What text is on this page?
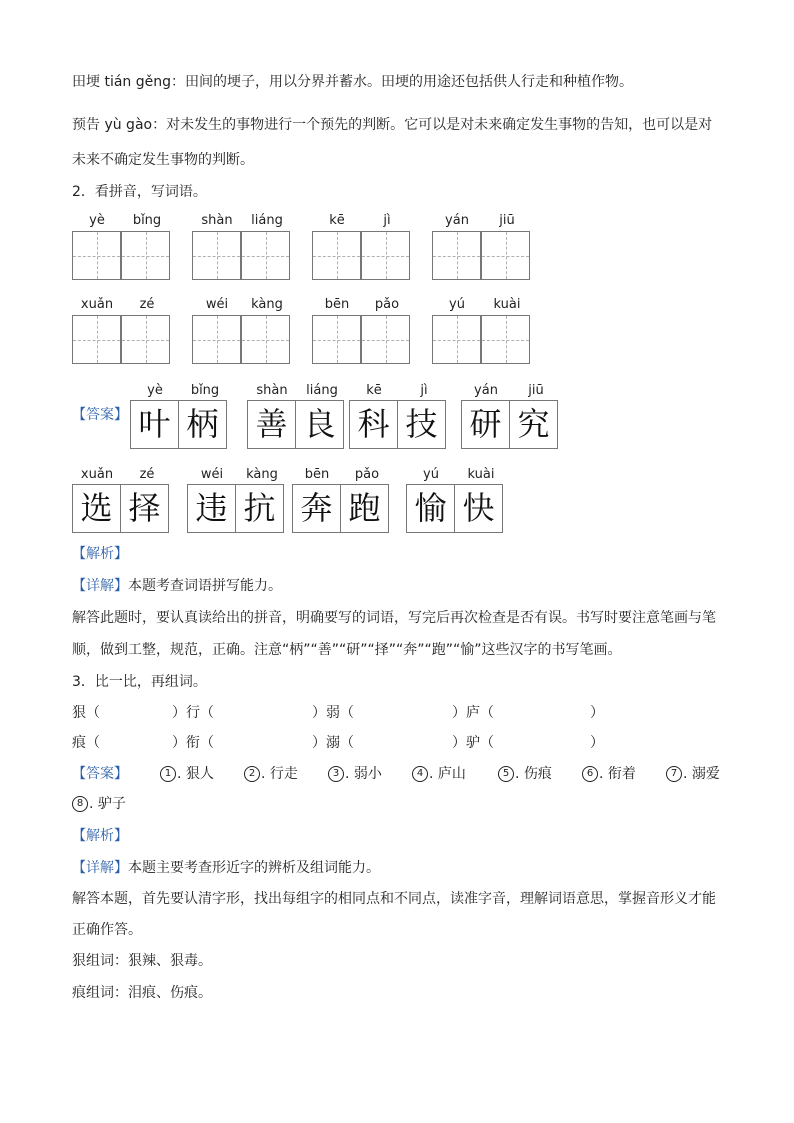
田埂 tián gěng：田间的埂子，用以分界并蓄水。田埂的用途还包括供人行走和种植作物。
预告 yù gào：对未发生的事物进行一个预先的判断。它可以是对未来确定发生事物的告知，也可以是对
未来不确定发生事物的判断。
2．看拼音，写词语。
yè	bǐng	shàn	liáng	kē	jì	yán	jiū
xuǎn	zé	wéi	kàng	bēn	pǎo	yú	kuài
【答案】
yè	bǐng
叶 柄
shàn	liáng
善 良
kē	jì
科 技
yán	jiū
研 究
xuǎn	zé
选 择
wéi	kàng
违 抗
bēn	pǎo
奔 跑
yú	kuài
愉 快
【解析】
【详解】本题考查词语拼写能力。
解答此题时，要认真读给出的拼音，明确要写的词语，写完后再次检查是否有误。书写时要注意笔画与笔
顺，做到工整，规范，正确。注意“柄”“善”“研”“择”“奔”“跑”“愉”这些汉字的书写笔画。
3．比一比，再组词。
狠（	）行（	）弱（	）庐（	）
痕（	）衔（	）溺（	）驴（	）
【答案】	1 . 狠人	2 . 行走	3 . 弱小	4 . 庐山	5 . 伤痕	6 . 衔着	7 . 溺爱
8 . 驴子
【解析】
【详解】本题主要考查形近字的辨析及组词能力。
解答本题，首先要认清字形，找出每组字的相同点和不同点，读准字音，理解词语意思，掌握音形义才能
正确作答。
狠组词：狠辣、狠毒。
痕组词：泪痕、伤痕。
